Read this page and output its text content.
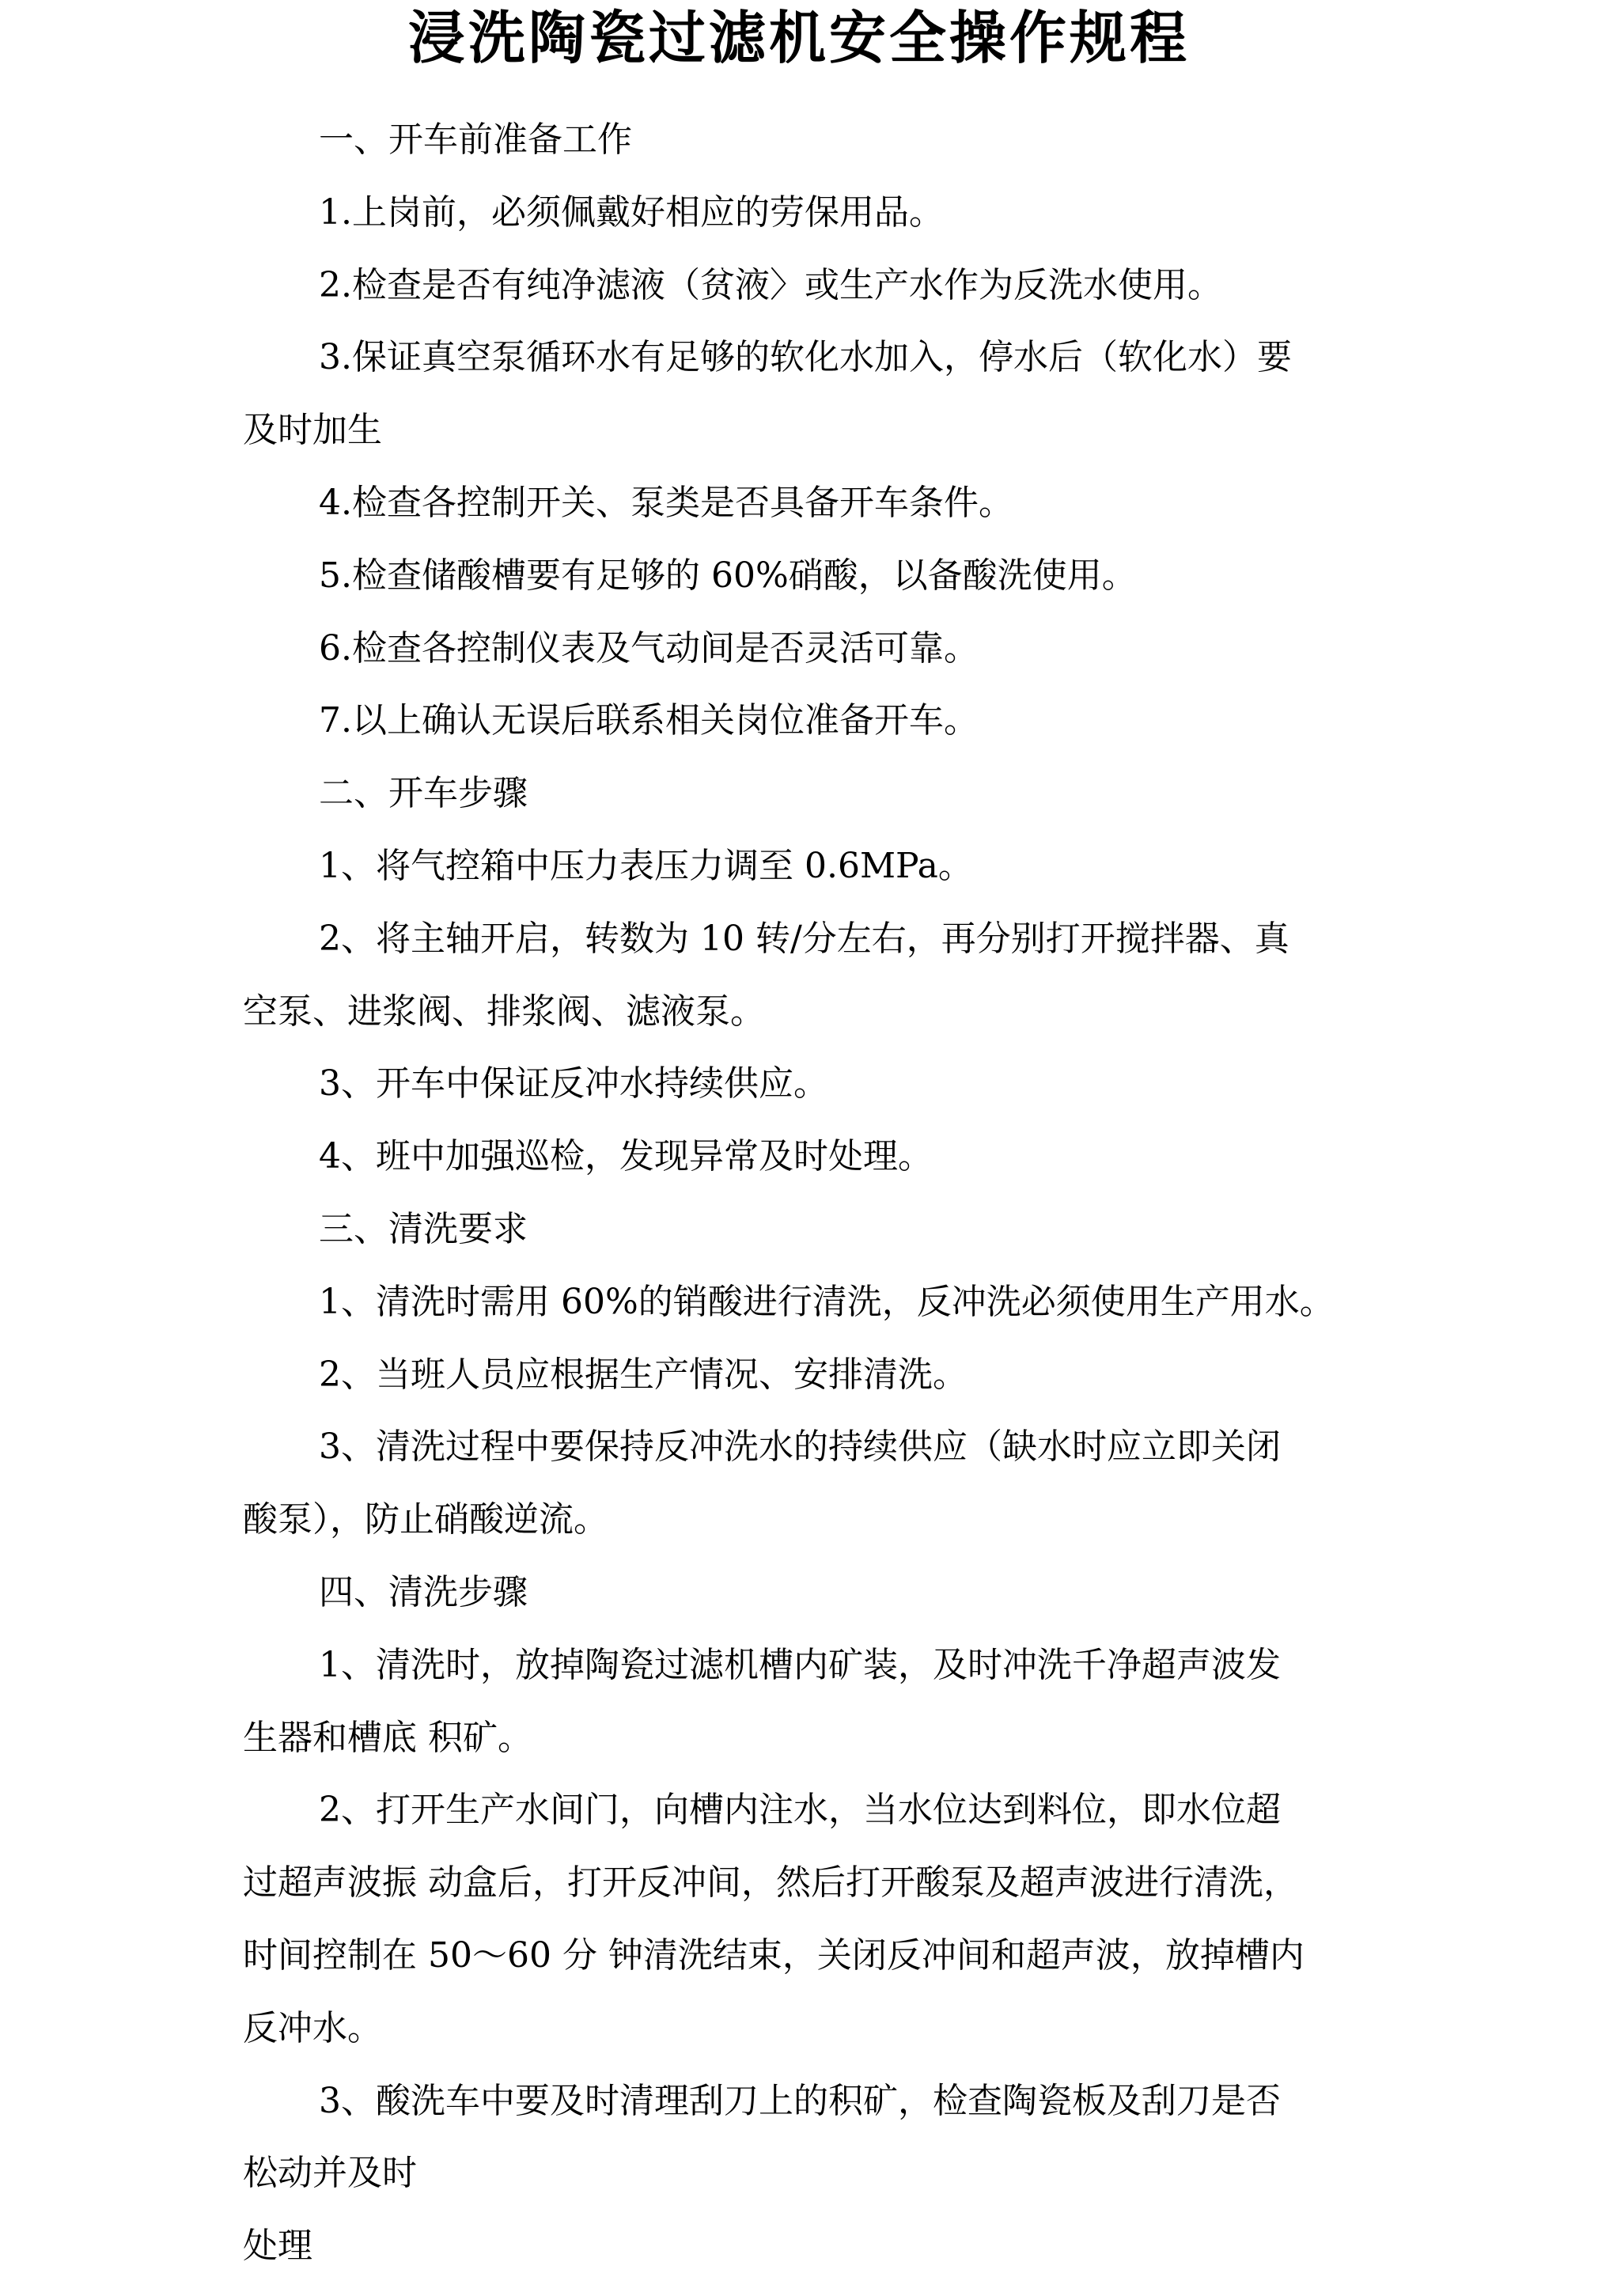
浸洗陶瓷过滤机安全操作规程
一、开车前准备工作
1.上岗前，必须佩戴好相应的劳保用品。
2.检查是否有纯净滤液（贫液〉或生产水作为反洗水使用。
3.保证真空泵循环水有足够的软化水加入，停水后（软化水）要
及时加生
4.检查各控制开关、泵类是否具备开车条件。
5.检查储酸槽要有足够的 60%硝酸，以备酸洗使用。
6.检查各控制仪表及气动间是否灵活可靠。
7.以上确认无误后联系相关岗位准备开车。
二、开车步骤
1、将气控箱中压力表压力调至 0.6MPa。
2、将主轴开启，转数为 10 转/分左右，再分别打开搅拌器、真
空泵、进浆阀、排浆阀、滤液泵。
3、开车中保证反冲水持续供应。
4、班中加强巡检，发现异常及时处理。
三、清洗要求
1、清洗时需用 60%的销酸进行清洗，反冲洗必须使用生产用水。
2、当班人员应根据生产情况、安排清洗。
3、清洗过程中要保持反冲洗水的持续供应（缺水时应立即关闭
酸泵），防止硝酸逆流。
四、清洗步骤
1、清洗时，放掉陶瓷过滤机槽内矿装，及时冲洗千净超声波发
生器和槽底 积矿。
2、打开生产水间门，向槽内注水，当水位达到料位，即水位超
过超声波振 动盒后，打开反冲间，然后打开酸泵及超声波进行清洗，
时间控制在 50～60 分 钟清洗结束，关闭反冲间和超声波，放掉槽内
反冲水。
3、酸洗车中要及时清理刮刀上的积矿，检查陶瓷板及刮刀是否
松动并及时
处理
